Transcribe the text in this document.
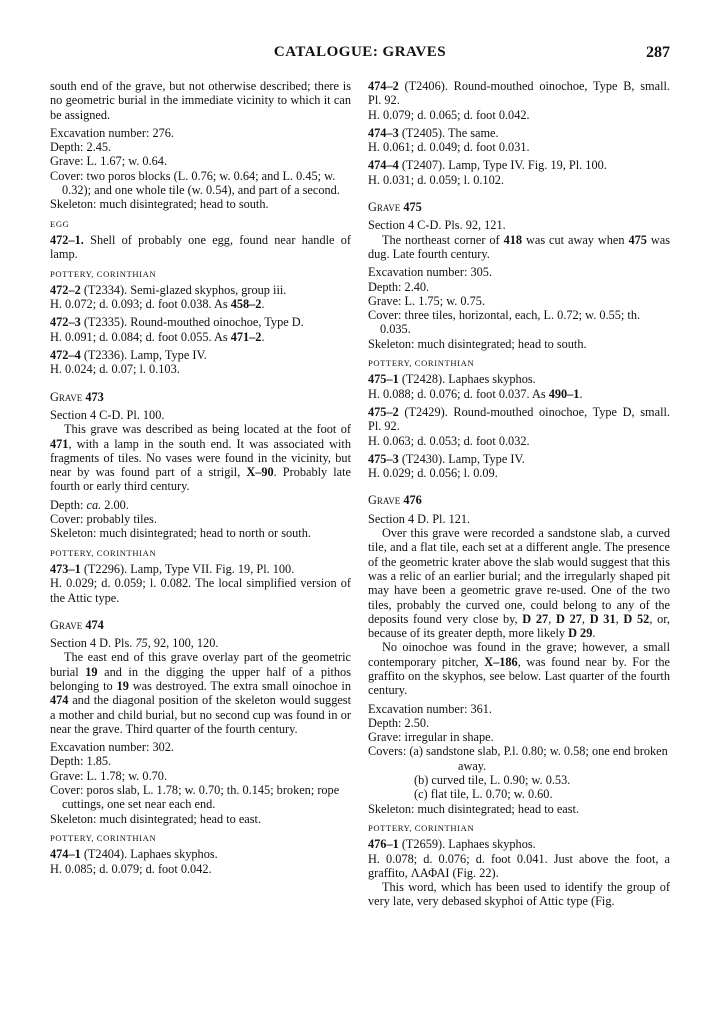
CATALOGUE: GRAVES	287

south end of the grave, but not otherwise described; there is no geometric burial in the immediate vicinity to which it can be assigned.

Excavation number: 276.

Depth: 2.45.

Grave: L. 1.67; w. 0.64.

Cover: two poros blocks (L. 0.76; w. 0.64; and L. 0.45; w. 0.32); and one whole tile (w. 0.54), and part of a second.

Skeleton: much disintegrated; head to south.

EGG

472–1. Shell of probably one egg, found near handle of lamp.

POTTERY, CORINTHIAN

472–2 (T2334). Semi-glazed skyphos, group iii.

H. 0.072; d. 0.093; d. foot 0.038. As 458–2.

472–3 (T2335). Round-mouthed oinochoe, Type D.

H. 0.091; d. 0.084; d. foot 0.055. As 471–2.

472–4 (T2336). Lamp, Type IV.

H. 0.024; d. 0.07; l. 0.103.

Grave 473

Section 4 C-D. Pl. 100.

This grave was described as being located at the foot of 471, with a lamp in the south end. It was associated with fragments of tiles. No vases were found in the vicinity, but near by was found part of a strigil, X–90. Probably late fourth or early third century.

Depth: ca. 2.00.

Cover: probably tiles.

Skeleton: much disintegrated; head to north or south.

POTTERY, CORINTHIAN

473–1 (T2296). Lamp, Type VII. Fig. 19, Pl. 100.

H. 0.029; d. 0.059; l. 0.082. The local simplified version of the Attic type.

Grave 474

Section 4 D. Pls. 75, 92, 100, 120.

The east end of this grave overlay part of the geometric burial 19 and in the digging the upper half of a pithos belonging to 19 was destroyed. The extra small oinochoe in 474 and the diagonal position of the skeleton would suggest a mother and child burial, but no second cup was found in or near the grave. Third quarter of the fourth century.

Excavation number: 302.

Depth: 1.85.

Grave: L. 1.78; w. 0.70.

Cover: poros slab, L. 1.78; w. 0.70; th. 0.145; broken; rope cuttings, one set near each end.

Skeleton: much disintegrated; head to east.

POTTERY, CORINTHIAN

474–1 (T2404). Laphaes skyphos.

H. 0.085; d. 0.079; d. foot 0.042.

474–2 (T2406). Round-mouthed oinochoe, Type B, small. Pl. 92.

H. 0.079; d. 0.065; d. foot 0.042.

474–3 (T2405). The same.

H. 0.061; d. 0.049; d. foot 0.031.

474–4 (T2407). Lamp, Type IV. Fig. 19, Pl. 100.

H. 0.031; d. 0.059; l. 0.102.

Grave 475

Section 4 C-D. Pls. 92, 121.

The northeast corner of 418 was cut away when 475 was dug. Late fourth century.

Excavation number: 305.

Depth: 2.40.

Grave: L. 1.75; w. 0.75.

Cover: three tiles, horizontal, each, L. 0.72; w. 0.55; th. 0.035.

Skeleton: much disintegrated; head to south.

POTTERY, CORINTHIAN

475–1 (T2428). Laphaes skyphos.

H. 0.088; d. 0.076; d. foot 0.037. As 490–1.

475–2 (T2429). Round-mouthed oinochoe, Type D, small. Pl. 92.

H. 0.063; d. 0.053; d. foot 0.032.

475–3 (T2430). Lamp, Type IV.

H. 0.029; d. 0.056; l. 0.09.

Grave 476

Section 4 D. Pl. 121.

Over this grave were recorded a sandstone slab, a curved tile, and a flat tile, each set at a different angle. The presence of the geometric krater above the slab would suggest that this was a relic of an earlier burial; and the irregularly shaped pit may have been a geometric grave re-used. One of the two tiles, probably the curved one, could belong to any of the deposits found very close by, D 27, D 27, D 31, D 52, or, because of its greater depth, more likely D 29.

No oinochoe was found in the grave; however, a small contemporary pitcher, X–186, was found near by. For the graffito on the skyphos, see below. Last quarter of the fourth century.

Excavation number: 361.

Depth: 2.50.

Grave: irregular in shape.

Covers: (a) sandstone slab, P.l. 0.80; w. 0.58; one end broken away.

(b) curved tile, L. 0.90; w. 0.53.

(c) flat tile, L. 0.70; w. 0.60.

Skeleton: much disintegrated; head to east.

POTTERY, CORINTHIAN

476–1 (T2659). Laphaes skyphos.

H. 0.078; d. 0.076; d. foot 0.041. Just above the foot, a graffito, ΛΑΦΑΙ (Fig. 22).

This word, which has been used to identify the group of very late, very debased skyphoi of Attic type (Fig.
